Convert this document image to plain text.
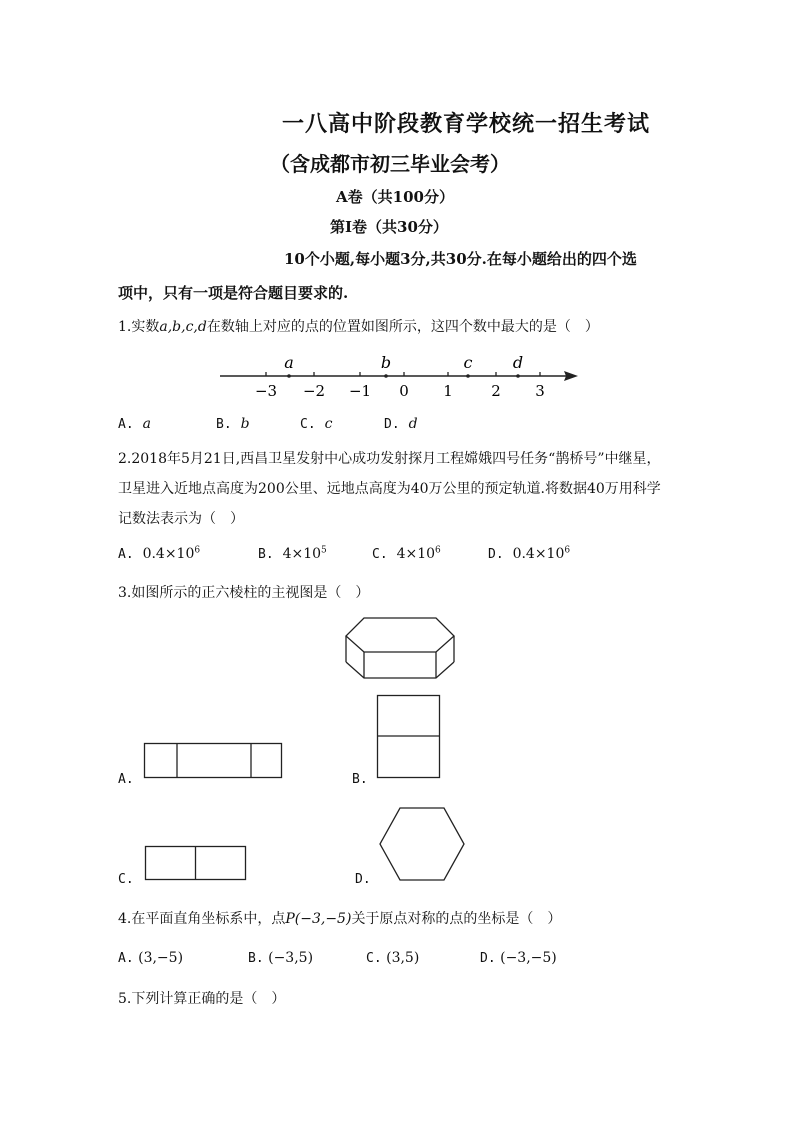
一八高中阶段教育学校统一招生考试
（含成都市初三毕业会考）
A卷（共100分）
第Ⅰ卷（共30分）
10个小题,每小题3分,共30分.在每小题给出的四个选
项中，只有一项是符合题目要求的.
1.实数a,b,c,d在数轴上对应的点的位置如图所示，这四个数中最大的是（　）
−3 −2 −1 0 1	2 3
a	b	c	d
A. a	B. b	C. c	D. d
2.2018年5月21日,西昌卫星发射中心成功发射探月工程嫦娥四号任务“鹊桥号”中继星，
卫星进入近地点高度为200公里、远地点高度为40万公里的预定轨道.将数据40万用科学
记数法表示为（　）
A. $0.4\times 10^6$	B. $4\times 10^5$	C. $4\times 10^6$	D. $0.4\times 10^6$
3.如图所示的正六棱柱的主视图是（　）
A.	B.
C.	D.
4.在平面直角坐标系中，点P(−3,−5)关于原点对称的点的坐标是（　）
A. (3,−5)	B. (−3,5)	C. (3,5)	D. (−3,−5)
5.下列计算正确的是（　）
